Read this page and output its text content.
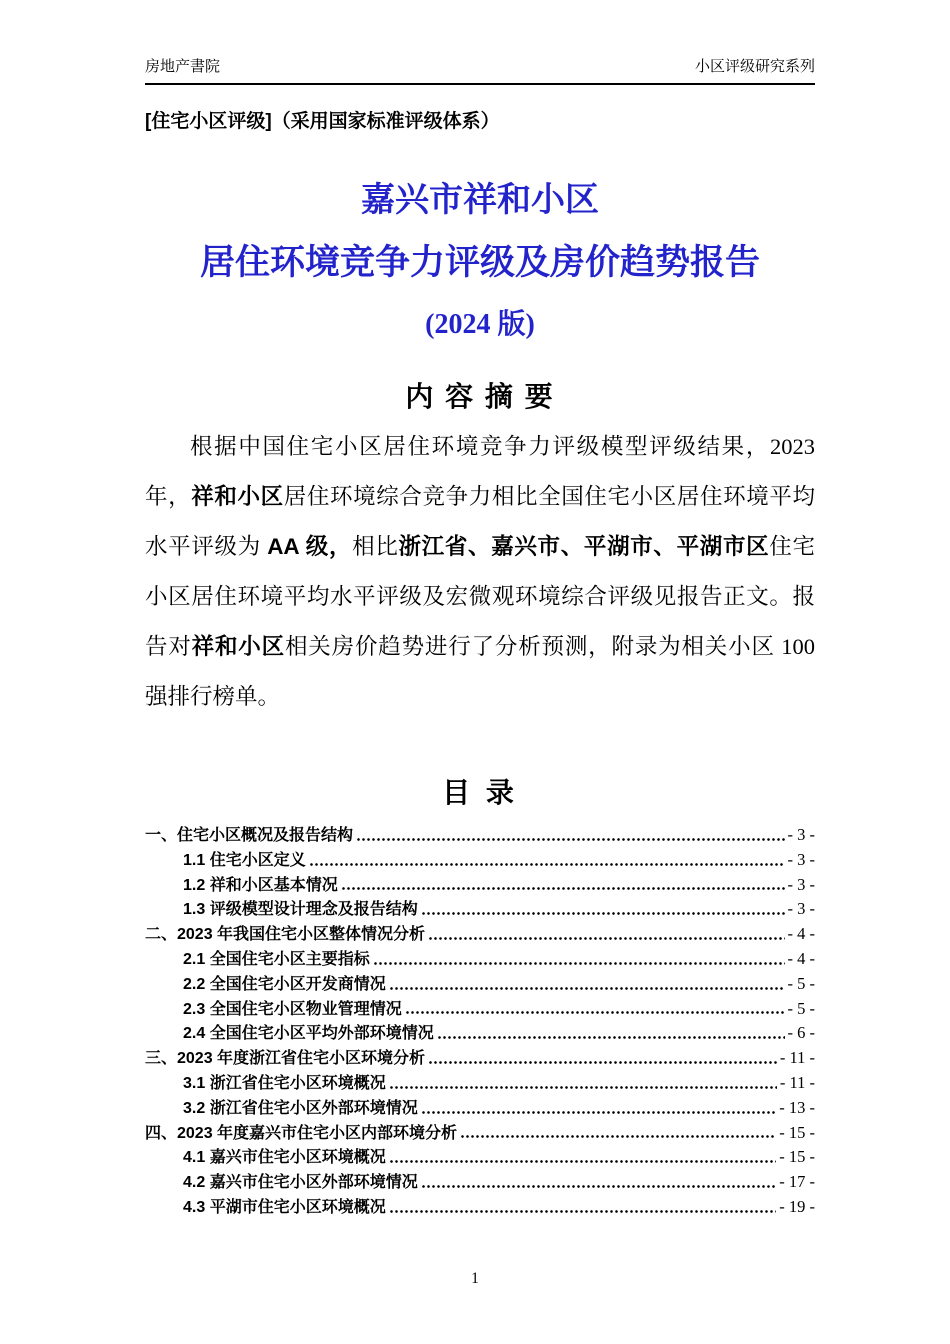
房地产書院	小区评级研究系列
[住宅小区评级]（采用国家标准评级体系）
嘉兴市祥和小区
居住环境竞争力评级及房价趋势报告
(2024 版)
内 容 摘 要
根据中国住宅小区居住环境竞争力评级模型评级结果，2023 年，祥和小区居住环境综合竞争力相比全国住宅小区居住环境平均水平评级为 AA 级，相比浙江省、嘉兴市、平湖市、平湖市区住宅小区居住环境平均水平评级及宏微观环境综合评级见报告正文。报告对祥和小区相关房价趋势进行了分析预测，附录为相关小区 100 强排行榜单。
目 录
一、住宅小区概况及报告结构	- 3 -
1.1 住宅小区定义	- 3 -
1.2 祥和小区基本情况	- 3 -
1.3 评级模型设计理念及报告结构	- 3 -
二、2023 年我国住宅小区整体情况分析	- 4 -
2.1 全国住宅小区主要指标	- 4 -
2.2 全国住宅小区开发商情况	- 5 -
2.3 全国住宅小区物业管理情况	- 5 -
2.4 全国住宅小区平均外部环境情况	- 6 -
三、2023 年度浙江省住宅小区环境分析	- 11 -
3.1 浙江省住宅小区环境概况	- 11 -
3.2 浙江省住宅小区外部环境情况	- 13 -
四、2023 年度嘉兴市住宅小区内部环境分析	- 15 -
4.1 嘉兴市住宅小区环境概况	- 15 -
4.2 嘉兴市住宅小区外部环境情况	- 17 -
4.3 平湖市住宅小区环境概况	- 19 -
1
